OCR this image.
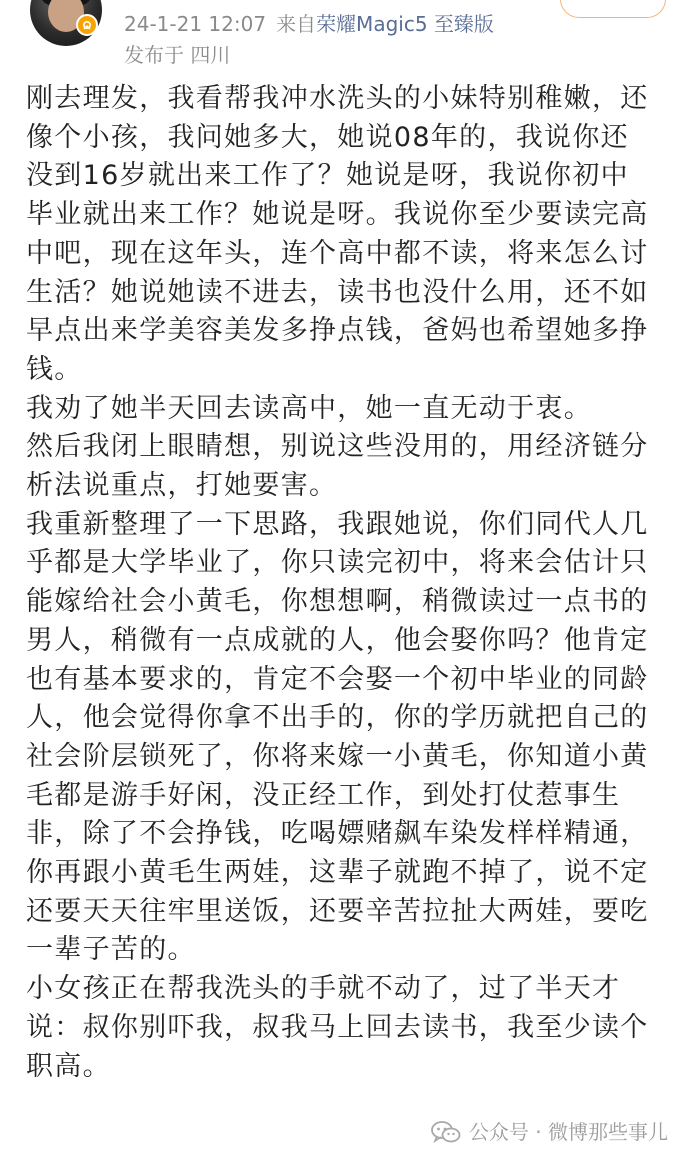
24-1-21 12:07 来自荣耀Magic5 至臻版
发布于 四川

刚去理发，我看帮我冲水洗头的小妹特别稚嫩，还
像个小孩，我问她多大，她说08年的，我说你还
没到16岁就出来工作了？她说是呀，我说你初中
毕业就出来工作？她说是呀。我说你至少要读完高
中吧，现在这年头，连个高中都不读，将来怎么讨
生活？她说她读不进去，读书也没什么用，还不如
早点出来学美容美发多挣点钱，爸妈也希望她多挣
钱。

我劝了她半天回去读高中，她一直无动于衷。

然后我闭上眼睛想，别说这些没用的，用经济链分
析法说重点，打她要害。

我重新整理了一下思路，我跟她说，你们同代人几
乎都是大学毕业了，你只读完初中，将来会估计只
能嫁给社会小黄毛，你想想啊，稍微读过一点书的
男人，稍微有一点成就的人，他会娶你吗？他肯定
也有基本要求的，肯定不会娶一个初中毕业的同龄
人，他会觉得你拿不出手的，你的学历就把自己的
社会阶层锁死了，你将来嫁一小黄毛，你知道小黄
毛都是游手好闲，没正经工作，到处打仗惹事生
非，除了不会挣钱，吃喝嫖赌飙车染发样样精通，
你再跟小黄毛生两娃，这辈子就跑不掉了，说不定
还要天天往牢里送饭，还要辛苦拉扯大两娃，要吃
一辈子苦的。

小女孩正在帮我洗头的手就不动了，过了半天才
说：叔你别吓我，叔我马上回去读书，我至少读个
职高。

公众号 · 微博那些事儿
